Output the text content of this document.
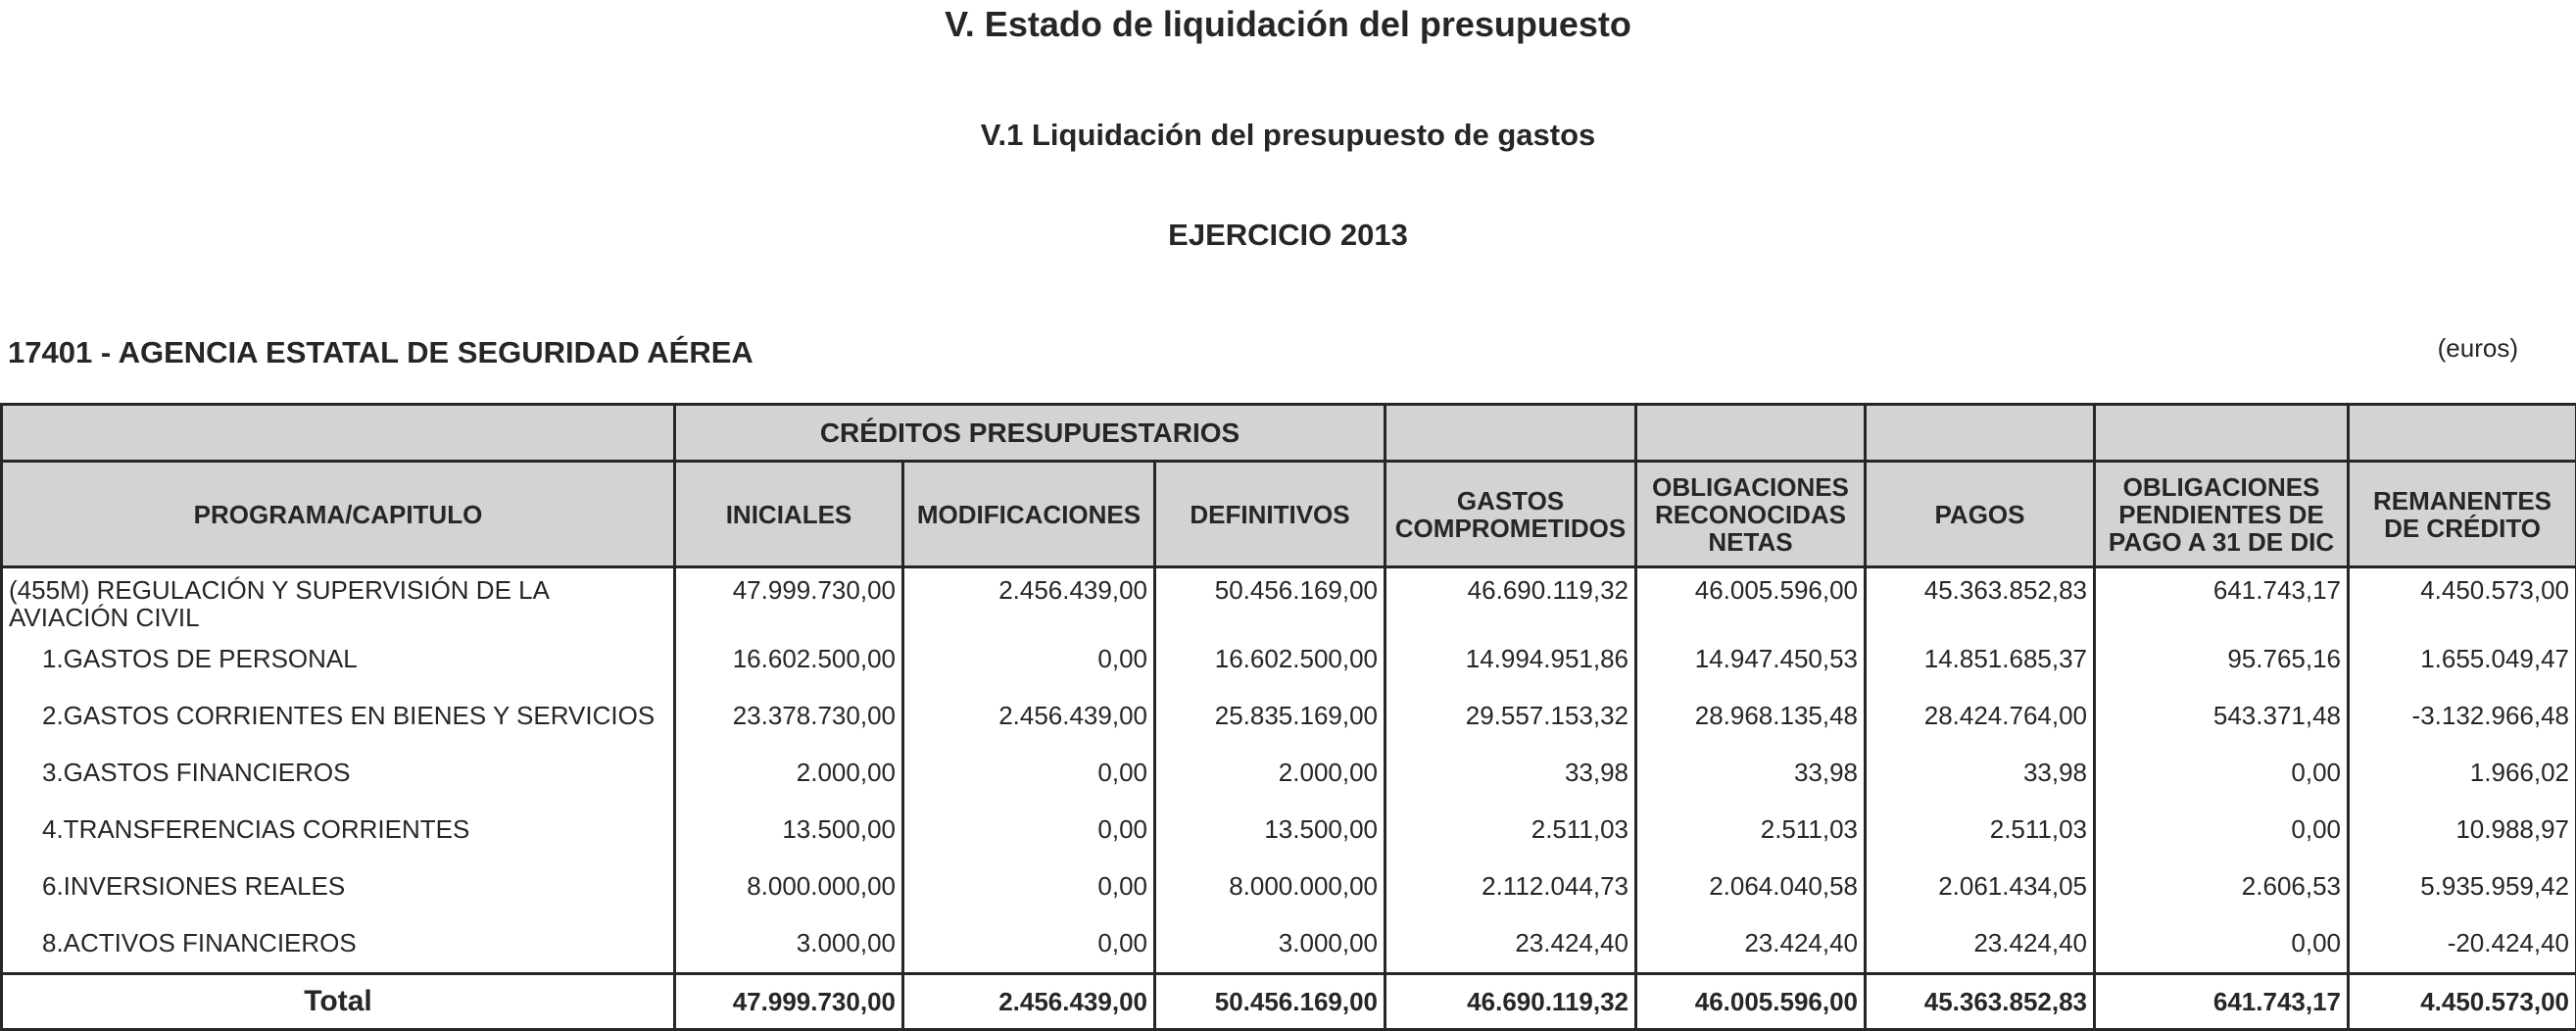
V. Estado de liquidación del presupuesto
V.1 Liquidación del presupuesto de gastos
EJERCICIO 2013
17401 - AGENCIA ESTATAL DE SEGURIDAD AÉREA	(euros)
	CRÉDITOS PRESUPUESTARIOS							
PROGRAMA/CAPITULO	INICIALES	MODIFICACIONES	DEFINITIVOS	GASTOS COMPROMETIDOS	OBLIGACIONES RECONOCIDAS NETAS	PAGOS	OBLIGACIONES PENDIENTES DE PAGO A 31 DE DIC	REMANENTES DE CRÉDITO
(455M) REGULACIÓN Y SUPERVISIÓN DE LA AVIACIÓN CIVIL	47.999.730,00	2.456.439,00	50.456.169,00	46.690.119,32	46.005.596,00	45.363.852,83	641.743,17	4.450.573,00
1.GASTOS DE PERSONAL	16.602.500,00	0,00	16.602.500,00	14.994.951,86	14.947.450,53	14.851.685,37	95.765,16	1.655.049,47
2.GASTOS CORRIENTES EN BIENES Y SERVICIOS	23.378.730,00	2.456.439,00	25.835.169,00	29.557.153,32	28.968.135,48	28.424.764,00	543.371,48	-3.132.966,48
3.GASTOS FINANCIEROS	2.000,00	0,00	2.000,00	33,98	33,98	33,98	0,00	1.966,02
4.TRANSFERENCIAS CORRIENTES	13.500,00	0,00	13.500,00	2.511,03	2.511,03	2.511,03	0,00	10.988,97
6.INVERSIONES REALES	8.000.000,00	0,00	8.000.000,00	2.112.044,73	2.064.040,58	2.061.434,05	2.606,53	5.935.959,42
8.ACTIVOS FINANCIEROS	3.000,00	0,00	3.000,00	23.424,40	23.424,40	23.424,40	0,00	-20.424,40
Total	47.999.730,00	2.456.439,00	50.456.169,00	46.690.119,32	46.005.596,00	45.363.852,83	641.743,17	4.450.573,00
